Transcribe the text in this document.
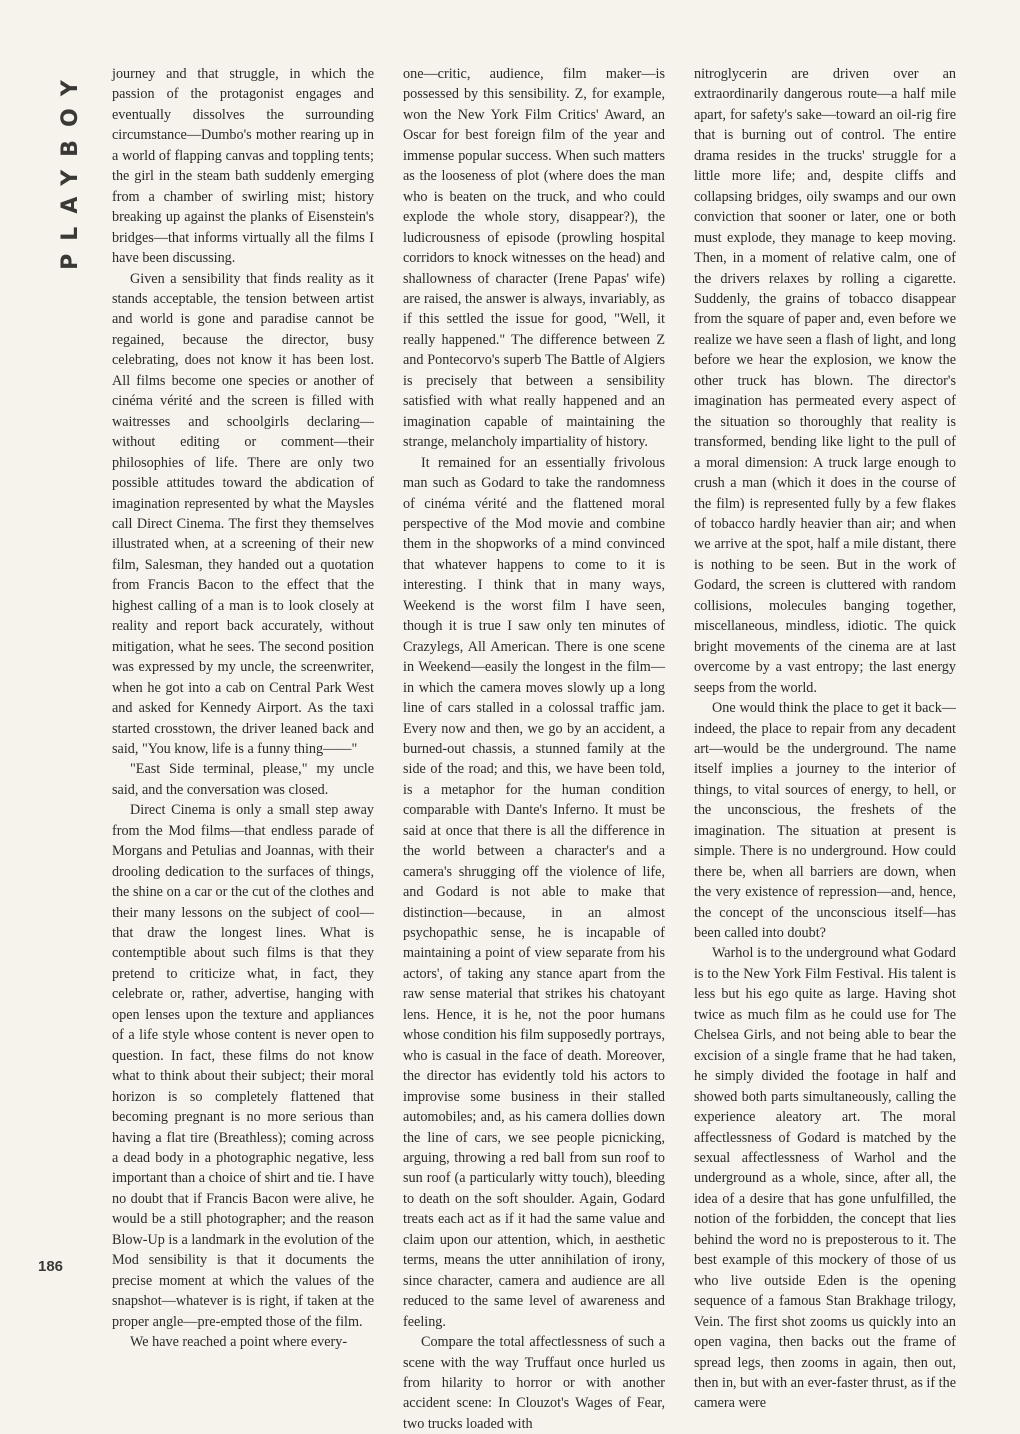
PLAYBOY journey and that struggle, in which the passion of the protagonist engages and eventually dissolves the surrounding circumstance—Dumbo's mother rearing up in a world of flapping canvas and toppling tents; the girl in the steam bath suddenly emerging from a chamber of swirling mist; history breaking up against the planks of Eisenstein's bridges—that informs virtually all the films I have been discussing.

Given a sensibility that finds reality as it stands acceptable, the tension between artist and world is gone and paradise cannot be regained, because the director, busy celebrating, does not know it has been lost. All films become one species or another of cinéma vérité and the screen is filled with waitresses and schoolgirls declaring—without editing or comment—their philosophies of life. There are only two possible attitudes toward the abdication of imagination represented by what the Maysles call Direct Cinema. The first they themselves illustrated when, at a screening of their new film, Salesman, they handed out a quotation from Francis Bacon to the effect that the highest calling of a man is to look closely at reality and report back accurately, without mitigation, what he sees. The second position was expressed by my uncle, the screenwriter, when he got into a cab on Central Park West and asked for Kennedy Airport. As the taxi started crosstown, the driver leaned back and said, "You know, life is a funny thing——"

"East Side terminal, please," my uncle said, and the conversation was closed.

Direct Cinema is only a small step away from the Mod films—that endless parade of Morgans and Petulias and Joannas, with their drooling dedication to the surfaces of things, the shine on a car or the cut of the clothes and their many lessons on the subject of cool—that draw the longest lines. What is contemptible about such films is that they pretend to criticize what, in fact, they celebrate or, rather, advertise, hanging with open lenses upon the texture and appliances of a life style whose content is never open to question. In fact, these films do not know what to think about their subject; their moral horizon is so completely flattened that becoming pregnant is no more serious than having a flat tire (Breathless); coming across a dead body in a photographic negative, less important than a choice of shirt and tie. I have no doubt that if Francis Bacon were alive, he would be a still photographer; and the reason Blow-Up is a landmark in the evolution of the Mod sensibility is that it documents the precise moment at which the values of the snapshot—whatever is is right, if taken at the proper angle—pre-empted those of the film.

We have reached a point where every-

one—critic, audience, film maker—is possessed by this sensibility. Z, for example, won the New York Film Critics' Award, an Oscar for best foreign film of the year and immense popular success. When such matters as the looseness of plot (where does the man who is beaten on the truck, and who could explode the whole story, disappear?), the ludicrousness of episode (prowling hospital corridors to knock witnesses on the head) and shallowness of character (Irene Papas' wife) are raised, the answer is always, invariably, as if this settled the issue for good, "Well, it really happened." The difference between Z and Pontecorvo's superb The Battle of Algiers is precisely that between a sensibility satisfied with what really happened and an imagination capable of maintaining the strange, melancholy impartiality of history.

It remained for an essentially frivolous man such as Godard to take the randomness of cinéma vérité and the flattened moral perspective of the Mod movie and combine them in the shopworks of a mind convinced that whatever happens to come to it is interesting. I think that in many ways, Weekend is the worst film I have seen, though it is true I saw only ten minutes of Crazylegs, All American. There is one scene in Weekend—easily the longest in the film—in which the camera moves slowly up a long line of cars stalled in a colossal traffic jam. Every now and then, we go by an accident, a burned-out chassis, a stunned family at the side of the road; and this, we have been told, is a metaphor for the human condition comparable with Dante's Inferno. It must be said at once that there is all the difference in the world between a character's and a camera's shrugging off the violence of life, and Godard is not able to make that distinction—because, in an almost psychopathic sense, he is incapable of maintaining a point of view separate from his actors', of taking any stance apart from the raw sense material that strikes his chatoyant lens. Hence, it is he, not the poor humans whose condition his film supposedly portrays, who is casual in the face of death. Moreover, the director has evidently told his actors to improvise some business in their stalled automobiles; and, as his camera dollies down the line of cars, we see people picnicking, arguing, throwing a red ball from sun roof to sun roof (a particularly witty touch), bleeding to death on the soft shoulder. Again, Godard treats each act as if it had the same value and claim upon our attention, which, in aesthetic terms, means the utter annihilation of irony, since character, camera and audience are all reduced to the same level of awareness and feeling.

Compare the total affectlessness of such a scene with the way Truffaut once hurled us from hilarity to horror or with another accident scene: In Clouzot's Wages of Fear, two trucks loaded with

nitroglycerin are driven over an extraordinarily dangerous route—a half mile apart, for safety's sake—toward an oil-rig fire that is burning out of control. The entire drama resides in the trucks' struggle for a little more life; and, despite cliffs and collapsing bridges, oily swamps and our own conviction that sooner or later, one or both must explode, they manage to keep moving. Then, in a moment of relative calm, one of the drivers relaxes by rolling a cigarette. Suddenly, the grains of tobacco disappear from the square of paper and, even before we realize we have seen a flash of light, and long before we hear the explosion, we know the other truck has blown. The director's imagination has permeated every aspect of the situation so thoroughly that reality is transformed, bending like light to the pull of a moral dimension: A truck large enough to crush a man (which it does in the course of the film) is represented fully by a few flakes of tobacco hardly heavier than air; and when we arrive at the spot, half a mile distant, there is nothing to be seen. But in the work of Godard, the screen is cluttered with random collisions, molecules banging together, miscellaneous, mindless, idiotic. The quick bright movements of the cinema are at last overcome by a vast entropy; the last energy seeps from the world.

One would think the place to get it back—indeed, the place to repair from any decadent art—would be the underground. The name itself implies a journey to the interior of things, to vital sources of energy, to hell, or the unconscious, the freshets of the imagination. The situation at present is simple. There is no underground. How could there be, when all barriers are down, when the very existence of repression—and, hence, the concept of the unconscious itself—has been called into doubt?

Warhol is to the underground what Godard is to the New York Film Festival. His talent is less but his ego quite as large. Having shot twice as much film as he could use for The Chelsea Girls, and not being able to bear the excision of a single frame that he had taken, he simply divided the footage in half and showed both parts simultaneously, calling the experience aleatory art. The moral affectlessness of Godard is matched by the sexual affectlessness of Warhol and the underground as a whole, since, after all, the idea of a desire that has gone unfulfilled, the notion of the forbidden, the concept that lies behind the word no is preposterous to it. The best example of this mockery of those of us who live outside Eden is the opening sequence of a famous Stan Brakhage trilogy, Vein. The first shot zooms us quickly into an open vagina, then backs out the frame of spread legs, then zooms in again, then out, then in, but with an ever-faster thrust, as if the camera were

186
